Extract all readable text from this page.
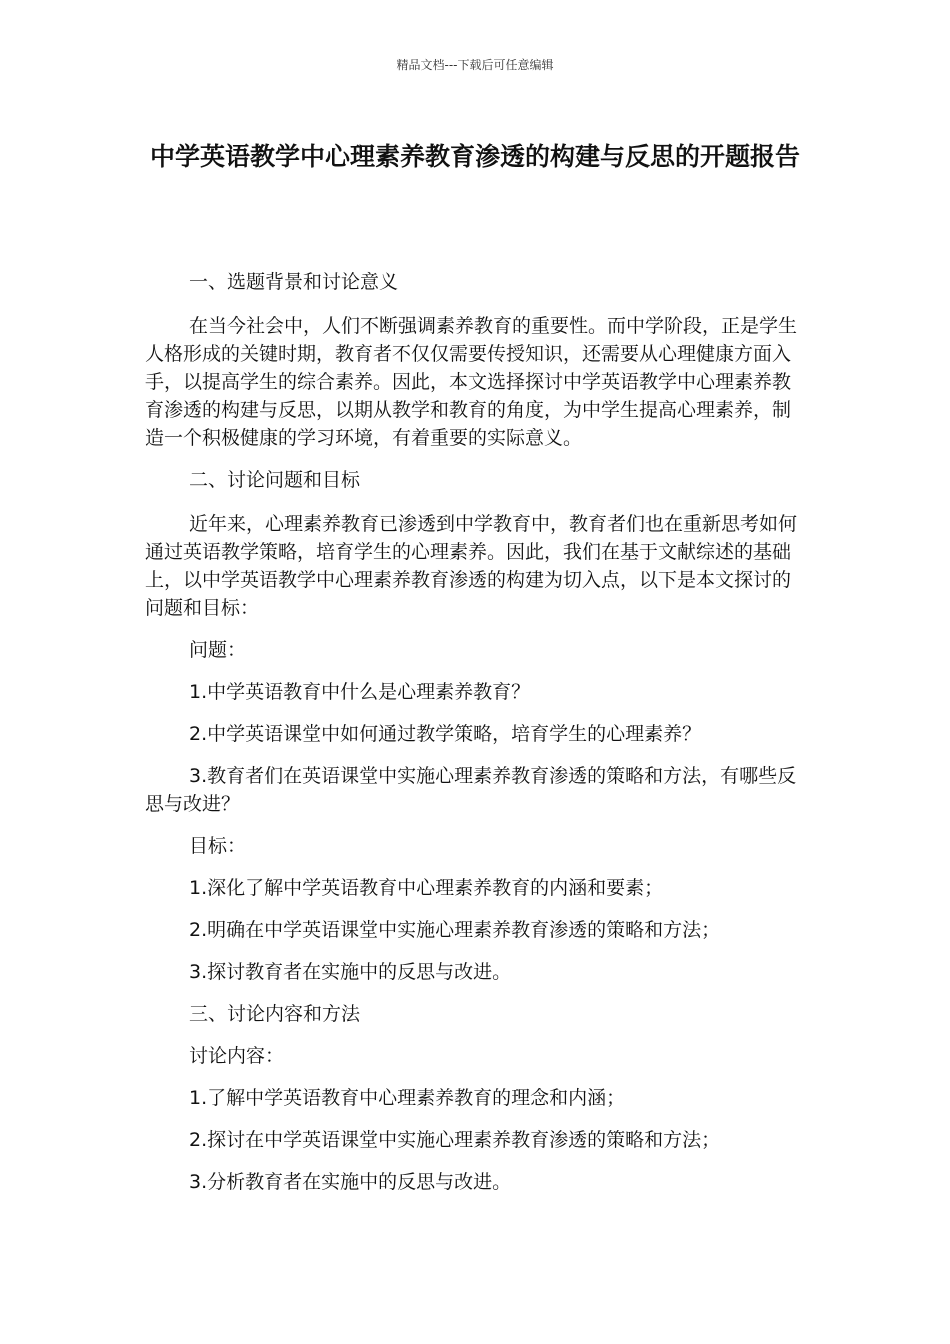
精品文档---下载后可任意编辑
中学英语教学中心理素养教育渗透的构建与反思的开题报告

一、选题背景和讨论意义

在当今社会中，人们不断强调素养教育的重要性。而中学阶段，正是学生人格形成的关键时期，教育者不仅仅需要传授知识，还需要从心理健康方面入手，以提高学生的综合素养。因此，本文选择探讨中学英语教学中心理素养教育渗透的构建与反思，以期从教学和教育的角度，为中学生提高心理素养，制造一个积极健康的学习环境，有着重要的实际意义。

二、讨论问题和目标

近年来，心理素养教育已渗透到中学教育中，教育者们也在重新思考如何通过英语教学策略，培育学生的心理素养。因此，我们在基于文献综述的基础上，以中学英语教学中心理素养教育渗透的构建为切入点，以下是本文探讨的问题和目标：

问题：

1.中学英语教育中什么是心理素养教育？

2.中学英语课堂中如何通过教学策略，培育学生的心理素养？

3.教育者们在英语课堂中实施心理素养教育渗透的策略和方法，有哪些反思与改进？

目标：

1.深化了解中学英语教育中心理素养教育的内涵和要素；

2.明确在中学英语课堂中实施心理素养教育渗透的策略和方法；

3.探讨教育者在实施中的反思与改进。

三、讨论内容和方法

讨论内容：

1.了解中学英语教育中心理素养教育的理念和内涵；

2.探讨在中学英语课堂中实施心理素养教育渗透的策略和方法；

3.分析教育者在实施中的反思与改进。
